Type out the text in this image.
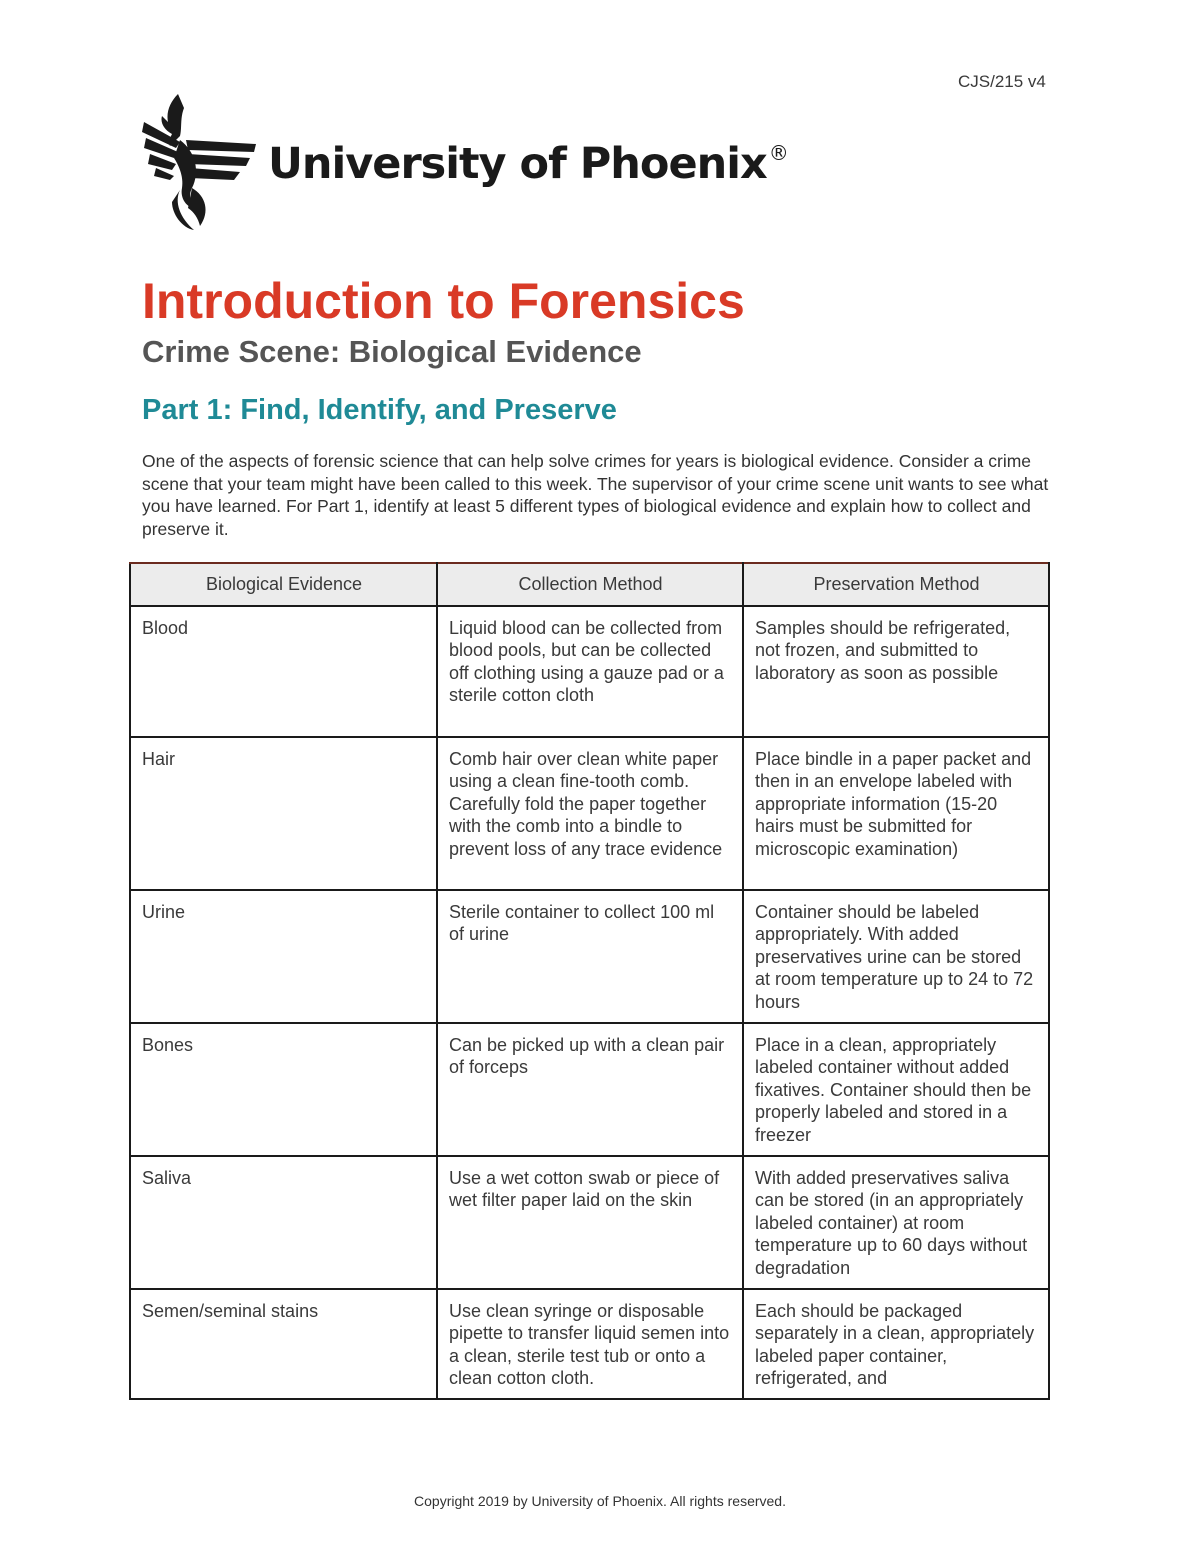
CJS/215 v4
University of Phoenix ®
Introduction to Forensics
Crime Scene: Biological Evidence
Part 1: Find, Identify, and Preserve

One of the aspects of forensic science that can help solve crimes for years is biological evidence. Consider a crime scene that your team might have been called to this week. The supervisor of your crime scene unit wants to see what you have learned. For Part 1, identify at least 5 different types of biological evidence and explain how to collect and preserve it.

Biological Evidence	Collection Method	Preservation Method
Blood	Liquid blood can be collected from blood pools, but can be collected off clothing using a gauze pad or a sterile cotton cloth	Samples should be refrigerated, not frozen, and submitted to laboratory as soon as possible
Hair	Comb hair over clean white paper using a clean fine-tooth comb. Carefully fold the paper together with the comb into a bindle to prevent loss of any trace evidence	Place bindle in a paper packet and then in an envelope labeled with appropriate information (15-20 hairs must be submitted for microscopic examination)
Urine	Sterile container to collect 100 ml of urine	Container should be labeled appropriately. With added preservatives urine can be stored at room temperature up to 24 to 72 hours
Bones	Can be picked up with a clean pair of forceps	Place in a clean, appropriately labeled container without added fixatives. Container should then be properly labeled and stored in a freezer
Saliva	Use a wet cotton swab or piece of wet filter paper laid on the skin	With added preservatives saliva can be stored (in an appropriately labeled container) at room temperature up to 60 days without degradation
Semen/seminal stains	Use clean syringe or disposable pipette to transfer liquid semen into a clean, sterile test tub or onto a clean cotton cloth.	Each should be packaged separately in a clean, appropriately labeled paper container, refrigerated, and
Copyright 2019 by University of Phoenix. All rights reserved.
